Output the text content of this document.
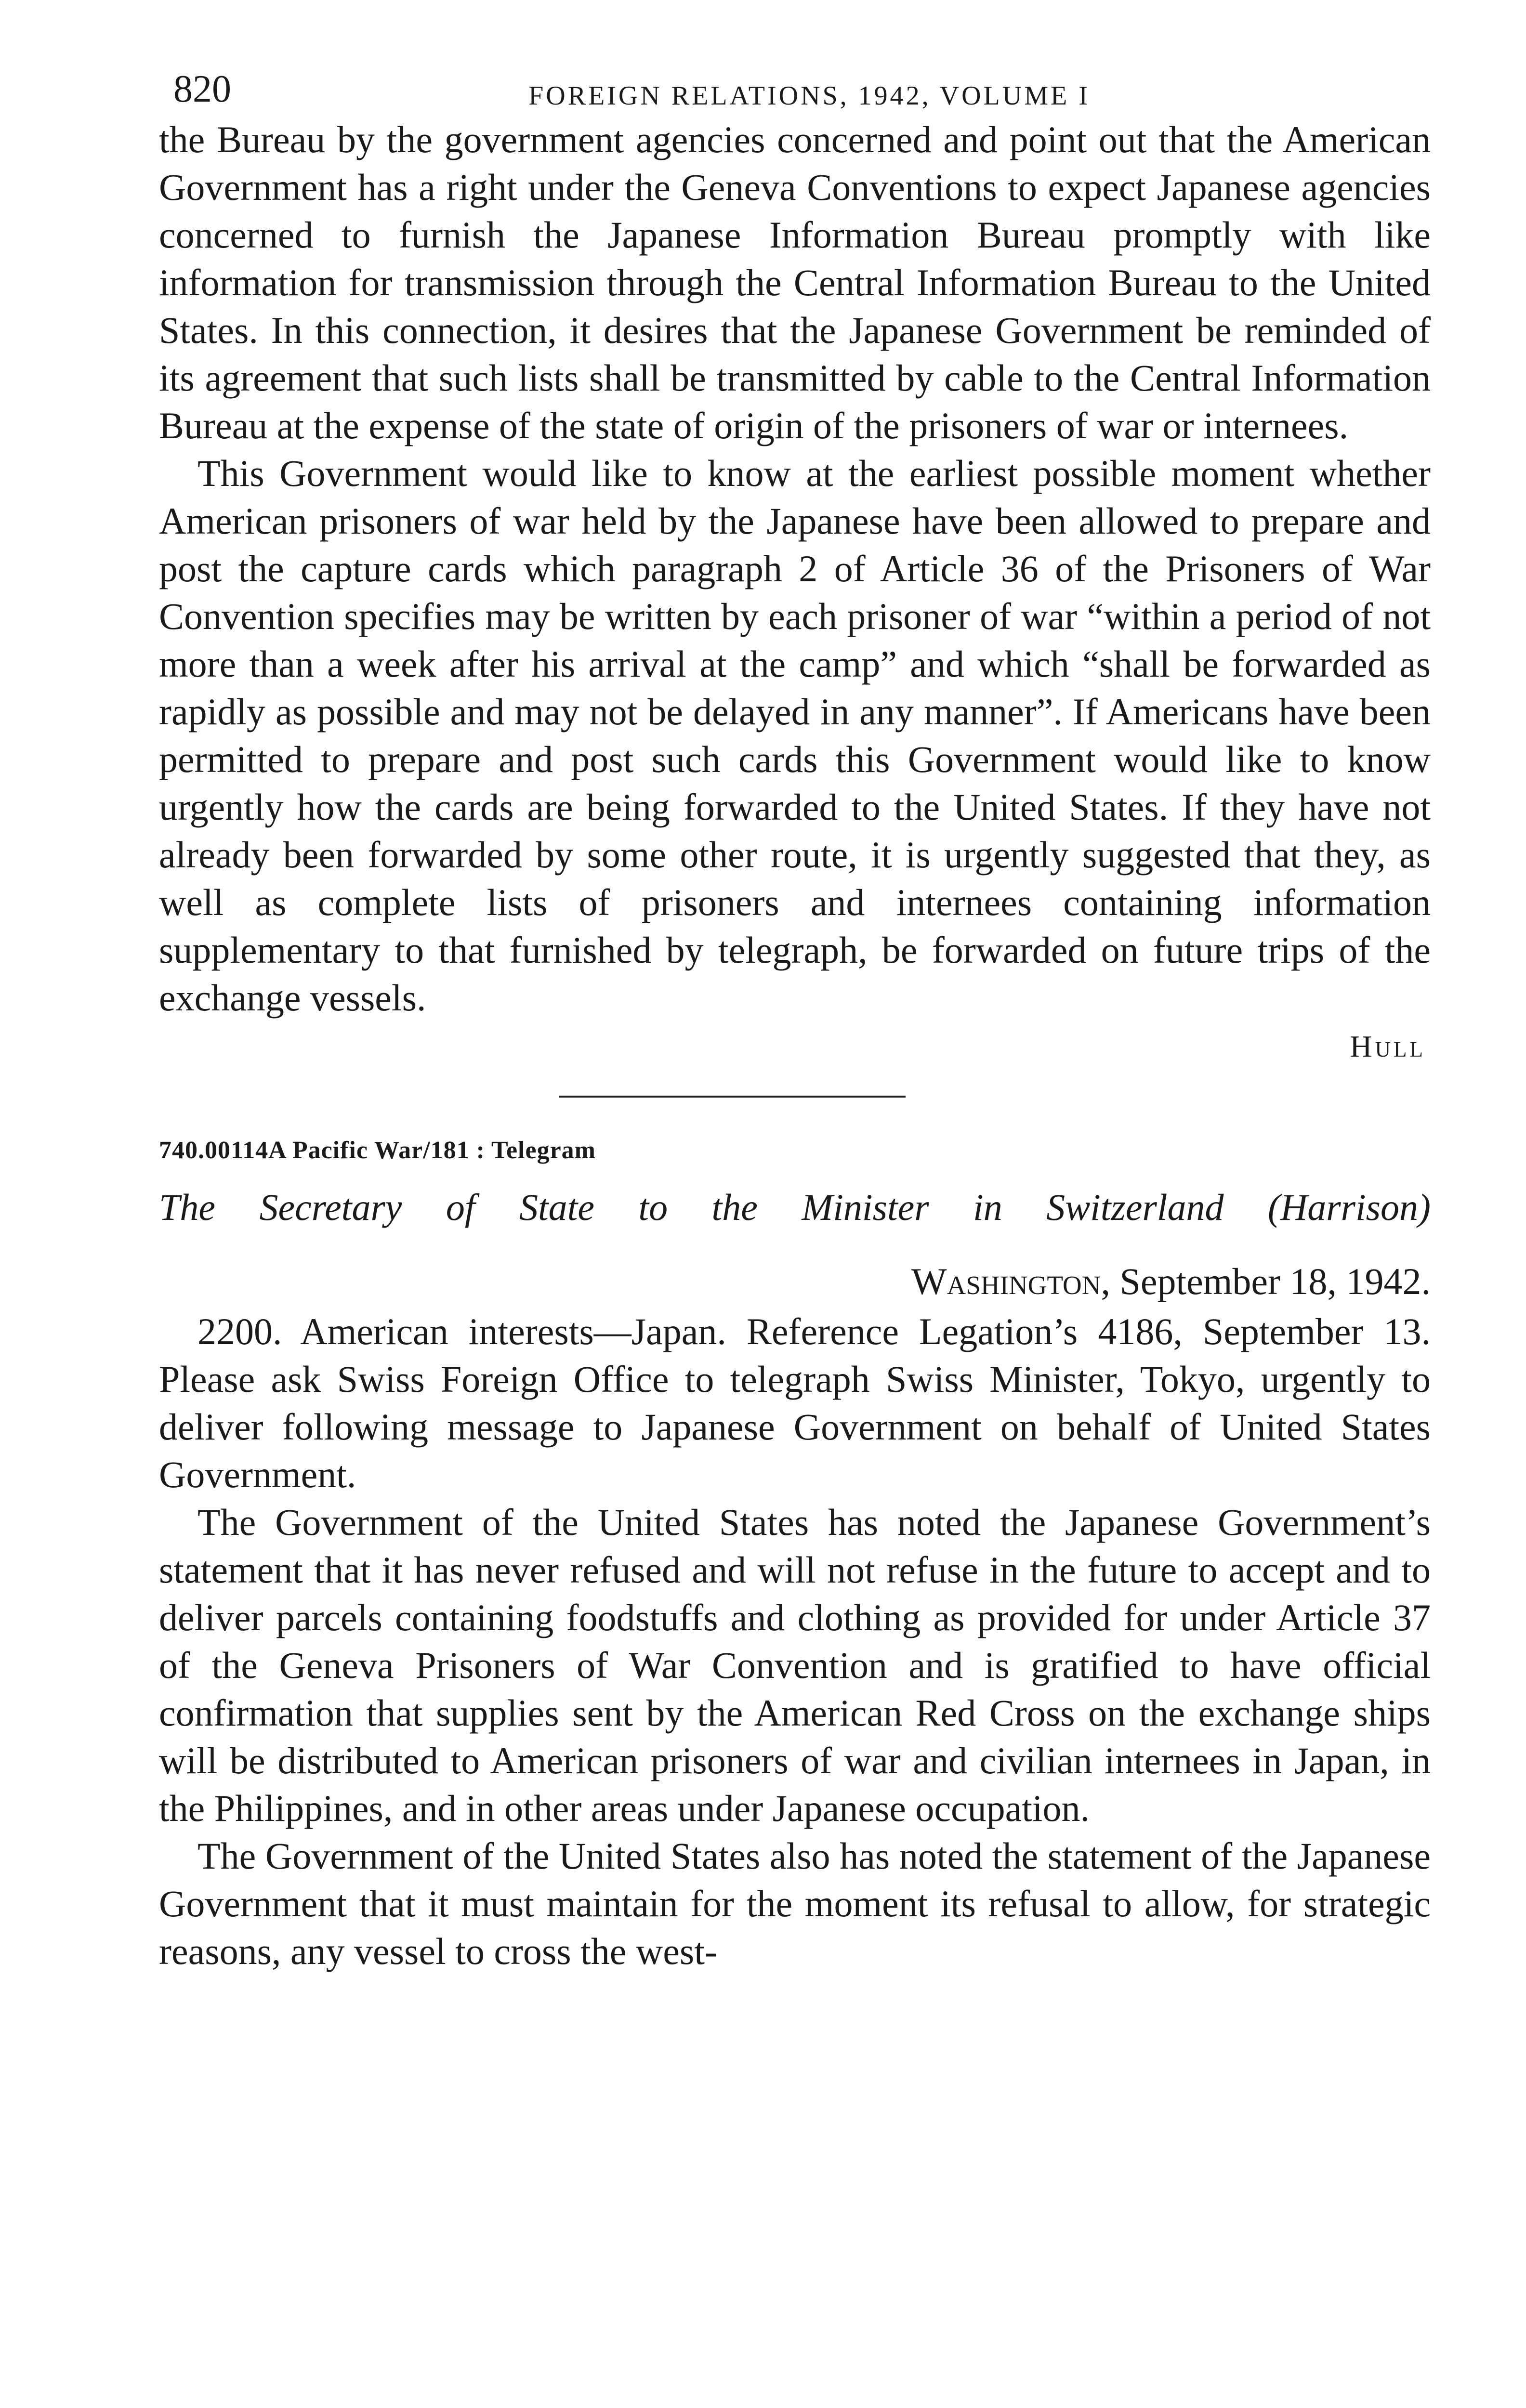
820	FOREIGN RELATIONS, 1942, VOLUME I

the Bureau by the government agencies concerned and point out that the American Government has a right under the Geneva Conventions to expect Japanese agencies concerned to furnish the Japanese Information Bureau promptly with like information for transmission through the Central Information Bureau to the United States. In this connection, it desires that the Japanese Government be reminded of its agreement that such lists shall be transmitted by cable to the Central Information Bureau at the expense of the state of origin of the prisoners of war or internees.

This Government would like to know at the earliest possible moment whether American prisoners of war held by the Japanese have been allowed to prepare and post the capture cards which paragraph 2 of Article 36 of the Prisoners of War Convention specifies may be written by each prisoner of war “within a period of not more than a week after his arrival at the camp” and which “shall be forwarded as rapidly as possible and may not be delayed in any manner”. If Americans have been permitted to prepare and post such cards this Government would like to know urgently how the cards are being forwarded to the United States. If they have not already been forwarded by some other route, it is urgently suggested that they, as well as complete lists of prisoners and internees containing information supplementary to that furnished by telegraph, be forwarded on future trips of the exchange vessels.

Hull
740.00114A Pacific War/181 : Telegram
The Secretary of State to the Minister in Switzerland (Harrison)
Washington, September 18, 1942.

2200. American interests—Japan. Reference Legation’s 4186, September 13. Please ask Swiss Foreign Office to telegraph Swiss Minister, Tokyo, urgently to deliver following message to Japanese Government on behalf of United States Government.

The Government of the United States has noted the Japanese Government’s statement that it has never refused and will not refuse in the future to accept and to deliver parcels containing foodstuffs and clothing as provided for under Article 37 of the Geneva Prisoners of War Convention and is gratified to have official confirmation that supplies sent by the American Red Cross on the exchange ships will be distributed to American prisoners of war and civilian internees in Japan, in the Philippines, and in other areas under Japanese occupation.

The Government of the United States also has noted the statement of the Japanese Government that it must maintain for the moment its refusal to allow, for strategic reasons, any vessel to cross the west-
